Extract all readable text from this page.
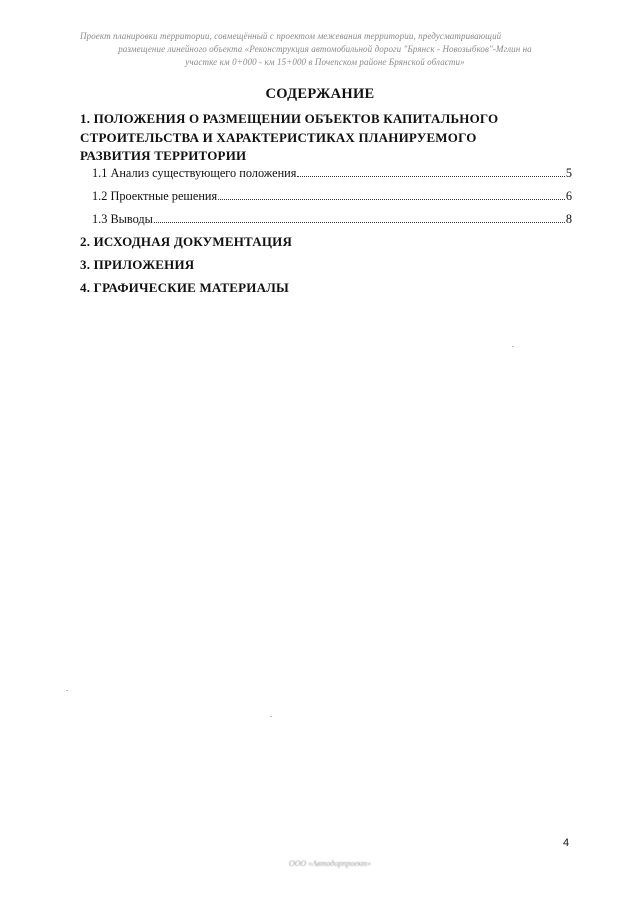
Проект планировки территории, совмещённый с проектом межевания территории, предусматривающий
размещение линейного объекта «Реконструкция автомобильной дороги "Брянск - Новозыбков"-Мглин на
участке км 0+000 - км 15+000 в Почепском районе Брянской области»
СОДЕРЖАНИЕ
1. ПОЛОЖЕНИЯ О РАЗМЕЩЕНИИ ОБЪЕКТОВ КАПИТАЛЬНОГО СТРОИТЕЛЬСТВА И ХАРАКТЕРИСТИКАХ ПЛАНИРУЕМОГО РАЗВИТИЯ ТЕРРИТОРИИ
1.1 Анализ существующего положения	5
1.2 Проектные решения	6
1.3 Выводы	8
2. ИСХОДНАЯ ДОКУМЕНТАЦИЯ
3. ПРИЛОЖЕНИЯ
4. ГРАФИЧЕСКИЕ МАТЕРИАЛЫ
4
ООО «Автодорпроект»
